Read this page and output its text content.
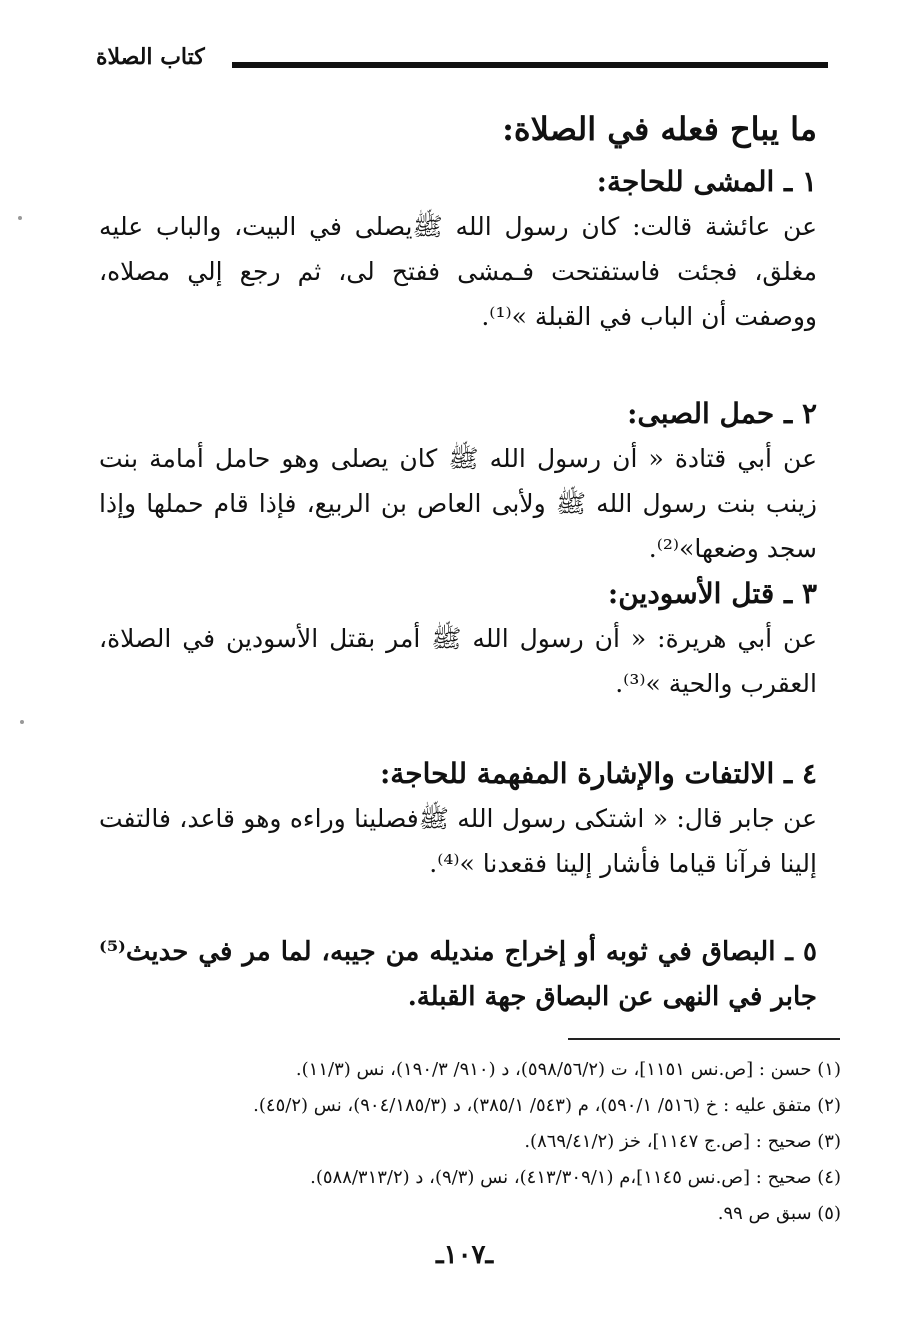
كتاب الصلاة
ما يباح فعله في الصلاة:
١ ـ المشى للحاجة:
عن عائشة قالت: كان رسول الله ﷺيصلى في البيت، والباب عليه مغلق، فجئت فاستفتحت فـمشى ففتح لى، ثم رجع إلي مصلاه، ووصفت أن الباب في القبلة »⁽¹⁾.
٢ ـ حمل الصبى:
عن أبي قتادة « أن رسول الله ﷺ كان يصلى وهو حامل أمامة بنت زينب بنت رسول الله ﷺ ولأبى العاص بن الربيع، فإذا قام حملها وإذا سجد وضعها»⁽²⁾.
٣ ـ قتل الأسودين:
عن أبي هريرة: « أن رسول الله ﷺ أمر بقتل الأسودين في الصلاة، العقرب والحية »⁽³⁾.
٤ ـ الالتفات والإشارة المفهمة للحاجة:
عن جابر قال: « اشتكى رسول الله ﷺفصلينا وراءه وهو قاعد، فالتفت إلينا فرآنا قياما فأشار إلينا فقعدنا »⁽⁴⁾.
٥ ـ البصاق في ثوبه أو إخراج منديله من جيبه، لما مر في حديث⁽⁵⁾ جابر في النهى عن البصاق جهة القبلة.
(١) حسن : [ص.نس ١١٥١]، ت (٥٩٨/٥٦/٢)، د (٩١٠/ ١٩٠/٣)، نس (١١/٣).
(٢) متفق عليه : خ (٥١٦/ ٥٩٠/١)، م (٥٤٣/ ٣٨٥/١)، د (٩٠٤/١٨٥/٣)، نس (٤٥/٢).
(٣) صحيح : [ص.ج ١١٤٧]، خز (٨٦٩/٤١/٢).
(٤) صحيح : [ص.نس ١١٤٥]،م (٤١٣/٣٠٩/١)، نس (٩/٣)، د (٥٨٨/٣١٣/٢).
(٥) سبق ص ٩٩.
ـ١٠٧ـ
